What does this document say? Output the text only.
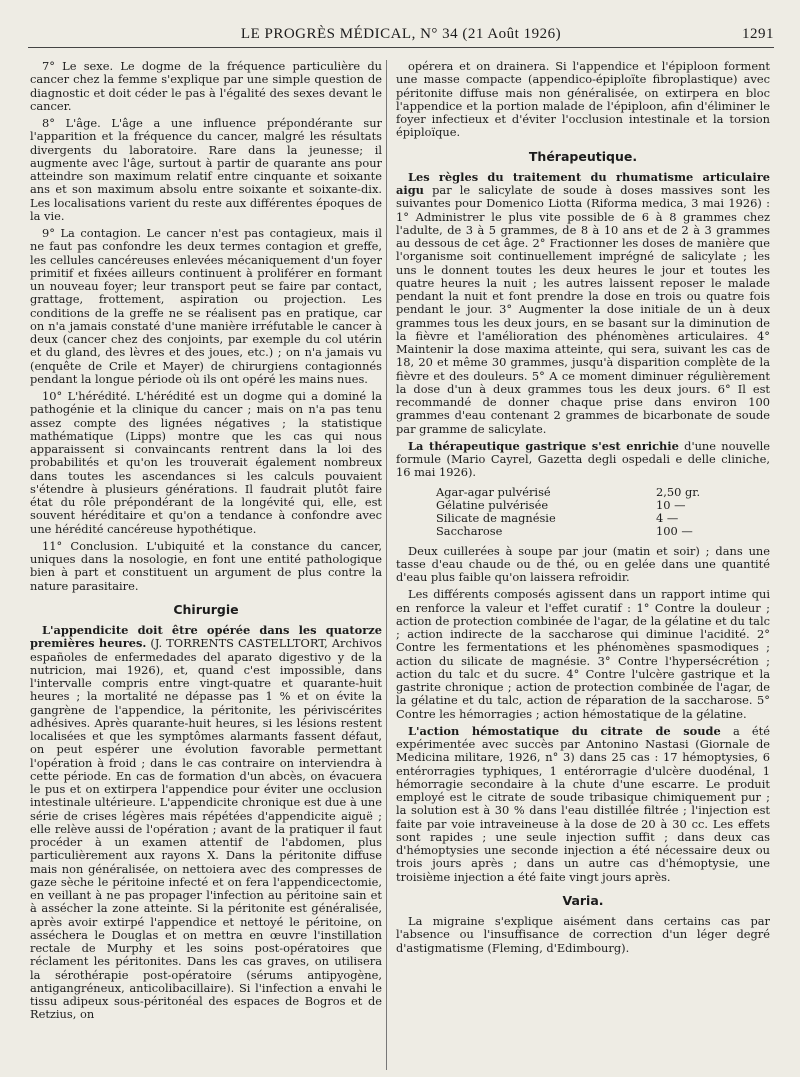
LE PROGRÈS MÉDICAL, N° 34 (21 Août 1926)	1291

7° Le sexe. Le dogme de la fréquence particulière du cancer chez la femme s'explique par une simple question de diagnostic et doit céder le pas à l'égalité des sexes devant le cancer.

8° L'âge. L'âge a une influence prépondérante sur l'apparition et la fréquence du cancer, malgré les résultats divergents du laboratoire. Rare dans la jeunesse; il augmente avec l'âge, surtout à partir de quarante ans pour atteindre son maximum relatif entre cinquante et soixante ans et son maximum absolu entre soixante et soixante-dix. Les localisations varient du reste aux différentes époques de la vie.

9° La contagion. Le cancer n'est pas contagieux, mais il ne faut pas confondre les deux termes contagion et greffe, les cellules cancéreuses enlevées mécaniquement d'un foyer primitif et fixées ailleurs continuent à proliférer en formant un nouveau foyer; leur transport peut se faire par contact, grattage, frottement, aspiration ou projection. Les conditions de la greffe ne se réalisent pas en pratique, car on n'a jamais constaté d'une manière irréfutable le cancer à deux (cancer chez des conjoints, par exemple du col utérin et du gland, des lèvres et des joues, etc.) ; on n'a jamais vu (enquête de Crile et Mayer) de chirurgiens contagionnés pendant la longue période où ils ont opéré les mains nues.

10° L'hérédité. L'hérédité est un dogme qui a dominé la pathogénie et la clinique du cancer ; mais on n'a pas tenu assez compte des lignées négatives ; la statistique mathématique (Lipps) montre que les cas qui nous apparaissent si convaincants rentrent dans la loi des probabilités et qu'on les trouverait également nombreux dans toutes les ascendances si les calculs pouvaient s'étendre à plusieurs générations. Il faudrait plutôt faire état du rôle prépondérant de la longévité qui, elle, est souvent héréditaire et qu'on a tendance à confondre avec une hérédité cancéreuse hypothétique.

11° Conclusion. L'ubiquité et la constance du cancer, uniques dans la nosologie, en font une entité pathologique bien à part et constituent un argument de plus contre la nature parasitaire.

Chirurgie

L'appendicite doit être opérée dans les quatorze premières heures. (J. TORRENTS CASTELLTORT, Archivos españoles de enfermedades del aparato digestivo y de la nutricion, mai 1926), et, quand c'est impossible, dans l'intervalle compris entre vingt-quatre et quarante-huit heures ; la mortalité ne dépasse pas 1 % et on évite la gangrène de l'appendice, la péritonite, les périviscérites adhésives. Après quarante-huit heures, si les lésions restent localisées et que les symptômes alarmants fassent défaut, on peut espérer une évolution favorable permettant l'opération à froid ; dans le cas contraire on interviendra à cette période. En cas de formation d'un abcès, on évacuera le pus et on extirpera l'appendice pour éviter une occlusion intestinale ultérieure. L'appendicite chronique est due à une série de crises légères mais répétées d'appendicite aiguë ; elle relève aussi de l'opération ; avant de la pratiquer il faut procéder à un examen attentif de l'abdomen, plus particulièrement aux rayons X. Dans la péritonite diffuse mais non généralisée, on nettoiera avec des compresses de gaze sèche le péritoine infecté et on fera l'appendicectomie, en veillant à ne pas propager l'infection au péritoine sain et à assécher la zone atteinte. Si la péritonite est généralisée, après avoir extirpé l'appendice et nettoyé le péritoine, on asséchera le Douglas et on mettra en œuvre l'instillation rectale de Murphy et les soins post-opératoires que réclament les péritonites. Dans les cas graves, on utilisera la sérothérapie post-opératoire (sérums antipyogène, antigangréneux, anticolibacillaire). Si l'infection a envahi le tissu adipeux sous-péritonéal des espaces de Bogros et de Retzius, on

opérera et on drainera. Si l'appendice et l'épiploon forment une masse compacte (appendico-épiploïte fibroplastique) avec péritonite diffuse mais non généralisée, on extirpera en bloc l'appendice et la portion malade de l'épiploon, afin d'éliminer le foyer infectieux et d'éviter l'occlusion intestinale et la torsion épiploïque.

Thérapeutique.

Les règles du traitement du rhumatisme articulaire aigu par le salicylate de soude à doses massives sont les suivantes pour Domenico Liotta (Riforma medica, 3 mai 1926) : 1° Administrer le plus vite possible de 6 à 8 grammes chez l'adulte, de 3 à 5 grammes, de 8 à 10 ans et de 2 à 3 grammes au dessous de cet âge. 2° Fractionner les doses de manière que l'organisme soit continuellement imprégné de salicylate ; les uns le donnent toutes les deux heures le jour et toutes les quatre heures la nuit ; les autres laissent reposer le malade pendant la nuit et font prendre la dose en trois ou quatre fois pendant le jour. 3° Augmenter la dose initiale de un à deux grammes tous les deux jours, en se basant sur la diminution de la fièvre et l'amélioration des phénomènes articulaires. 4° Maintenir la dose maxima atteinte, qui sera, suivant les cas de 18, 20 et même 30 grammes, jusqu'à disparition complète de la fièvre et des douleurs. 5° A ce moment diminuer régulièrement la dose d'un à deux grammes tous les deux jours. 6° Il est recommandé de donner chaque prise dans environ 100 grammes d'eau contenant 2 grammes de bicarbonate de soude par gramme de salicylate.

La thérapeutique gastrique s'est enrichie d'une nouvelle formule (Mario Cayrel, Gazetta degli ospedali e delle cliniche, 16 mai 1926).

Agar-agar pulvérisé	2,50 gr.
Gélatine pulvérisée	10 —
Silicate de magnésie	4 —
Saccharose	100 —

Deux cuillerées à soupe par jour (matin et soir) ; dans une tasse d'eau chaude ou de thé, ou en gelée dans une quantité d'eau plus faible qu'on laissera refroidir.

Les différents composés agissent dans un rapport intime qui en renforce la valeur et l'effet curatif : 1° Contre la douleur ; action de protection combinée de l'agar, de la gélatine et du talc ; action indirecte de la saccharose qui diminue l'acidité. 2° Contre les fermentations et les phénomènes spasmodiques ; action du silicate de magnésie. 3° Contre l'hypersécrétion ; action du talc et du sucre. 4° Contre l'ulcère gastrique et la gastrite chronique ; action de protection combinée de l'agar, de la gélatine et du talc, action de réparation de la saccharose. 5° Contre les hémorragies ; action hémostatique de la gélatine.

L'action hémostatique du citrate de soude a été expérimentée avec succès par Antonino Nastasi (Giornale de Medicina militare, 1926, n° 3) dans 25 cas : 17 hémoptysies, 6 entérorragies typhiques, 1 entérorragie d'ulcère duodénal, 1 hémorragie secondaire à la chute d'une escarre. Le produit employé est le citrate de soude tribasique chimiquement pur ; la solution est à 30 % dans l'eau distillée filtrée ; l'injection est faite par voie intraveineuse à la dose de 20 à 30 cc. Les effets sont rapides ; une seule injection suffit ; dans deux cas d'hémoptysies une seconde injection a été nécessaire deux ou trois jours après ; dans un autre cas d'hémoptysie, une troisième injection a été faite vingt jours après.

Varia.

La migraine s'explique aisément dans certains cas par l'absence ou l'insuffisance de correction d'un léger degré d'astigmatisme (Fleming, d'Edimbourg).
